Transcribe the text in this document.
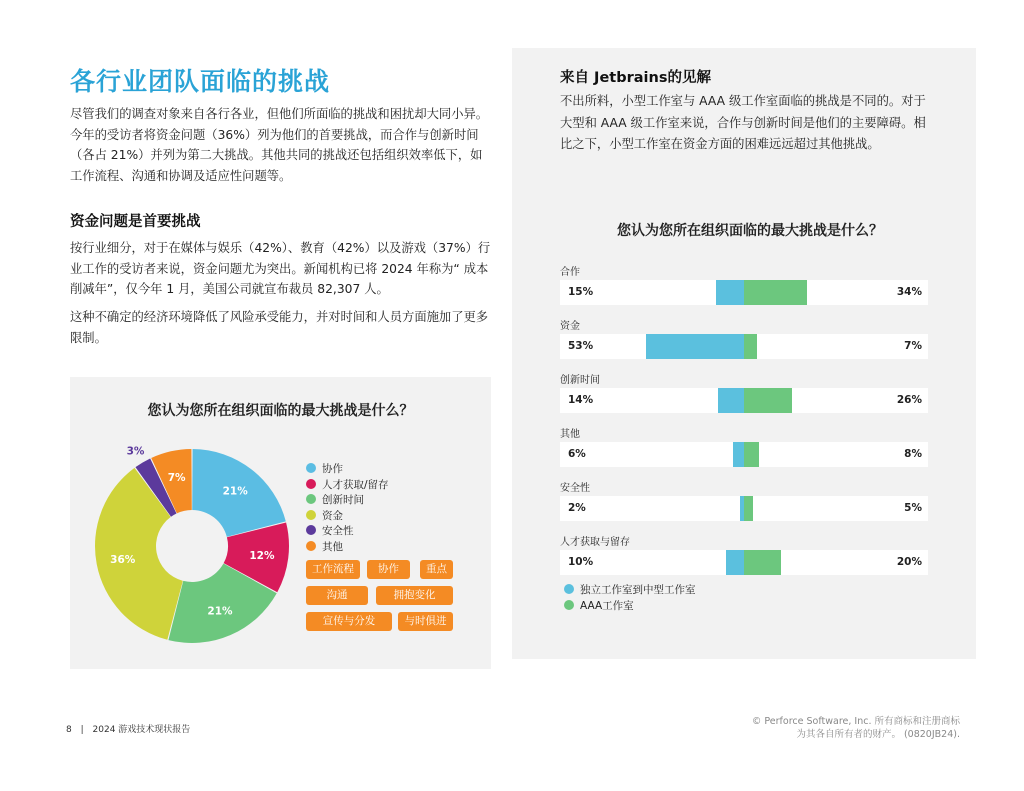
各行业团队面临的挑战
尽管我们的调查对象来自各行各业，但他们所面临的挑战和困扰却大同小异。今年的受访者将资金问题（36%）列为他们的首要挑战，而合作与创新时间（各占 21%）并列为第二大挑战。其他共同的挑战还包括组织效率低下，如工作流程、沟通和协调及适应性问题等。
资金问题是首要挑战
按行业细分，对于在媒体与娱乐（42%）、教育（42%）以及游戏（37%）行业工作的受访者来说，资金问题尤为突出。新闻机构已将 2024 年称为“ 成本削减年”，仅今年 1 月，美国公司就宣布裁员 82,307 人。
这种不确定的经济环境降低了风险承受能力，并对时间和人员方面施加了更多限制。
您认为您所在组织面临的最大挑战是什么？
21%
12%
21%
36%
3%
7%
协作
人才获取/留存
创新时间
资金
安全性
其他
工作流程	协作	重点
沟通	拥抱变化
宣传与分发	与时俱进
来自 Jetbrains的见解
不出所料，小型工作室与 AAA 级工作室面临的挑战是不同的。对于大型和 AAA 级工作室来说，合作与创新时间是他们的主要障碍。相比之下，小型工作室在资金方面的困难远远超过其他挑战。
您认为您所在组织面临的最大挑战是什么？
合作
15%	34%
资金
53%	7%
创新时间
14%	26%
其他
6%	8%
安全性
2%	5%
人才获取与留存
10%	20%
独立工作室到中型工作室
AAA工作室
8 | 2024 游戏技术现状报告
© Perforce Software, Inc. 所有商标和注册商标
为其各自所有者的财产。 (0820JB24).
